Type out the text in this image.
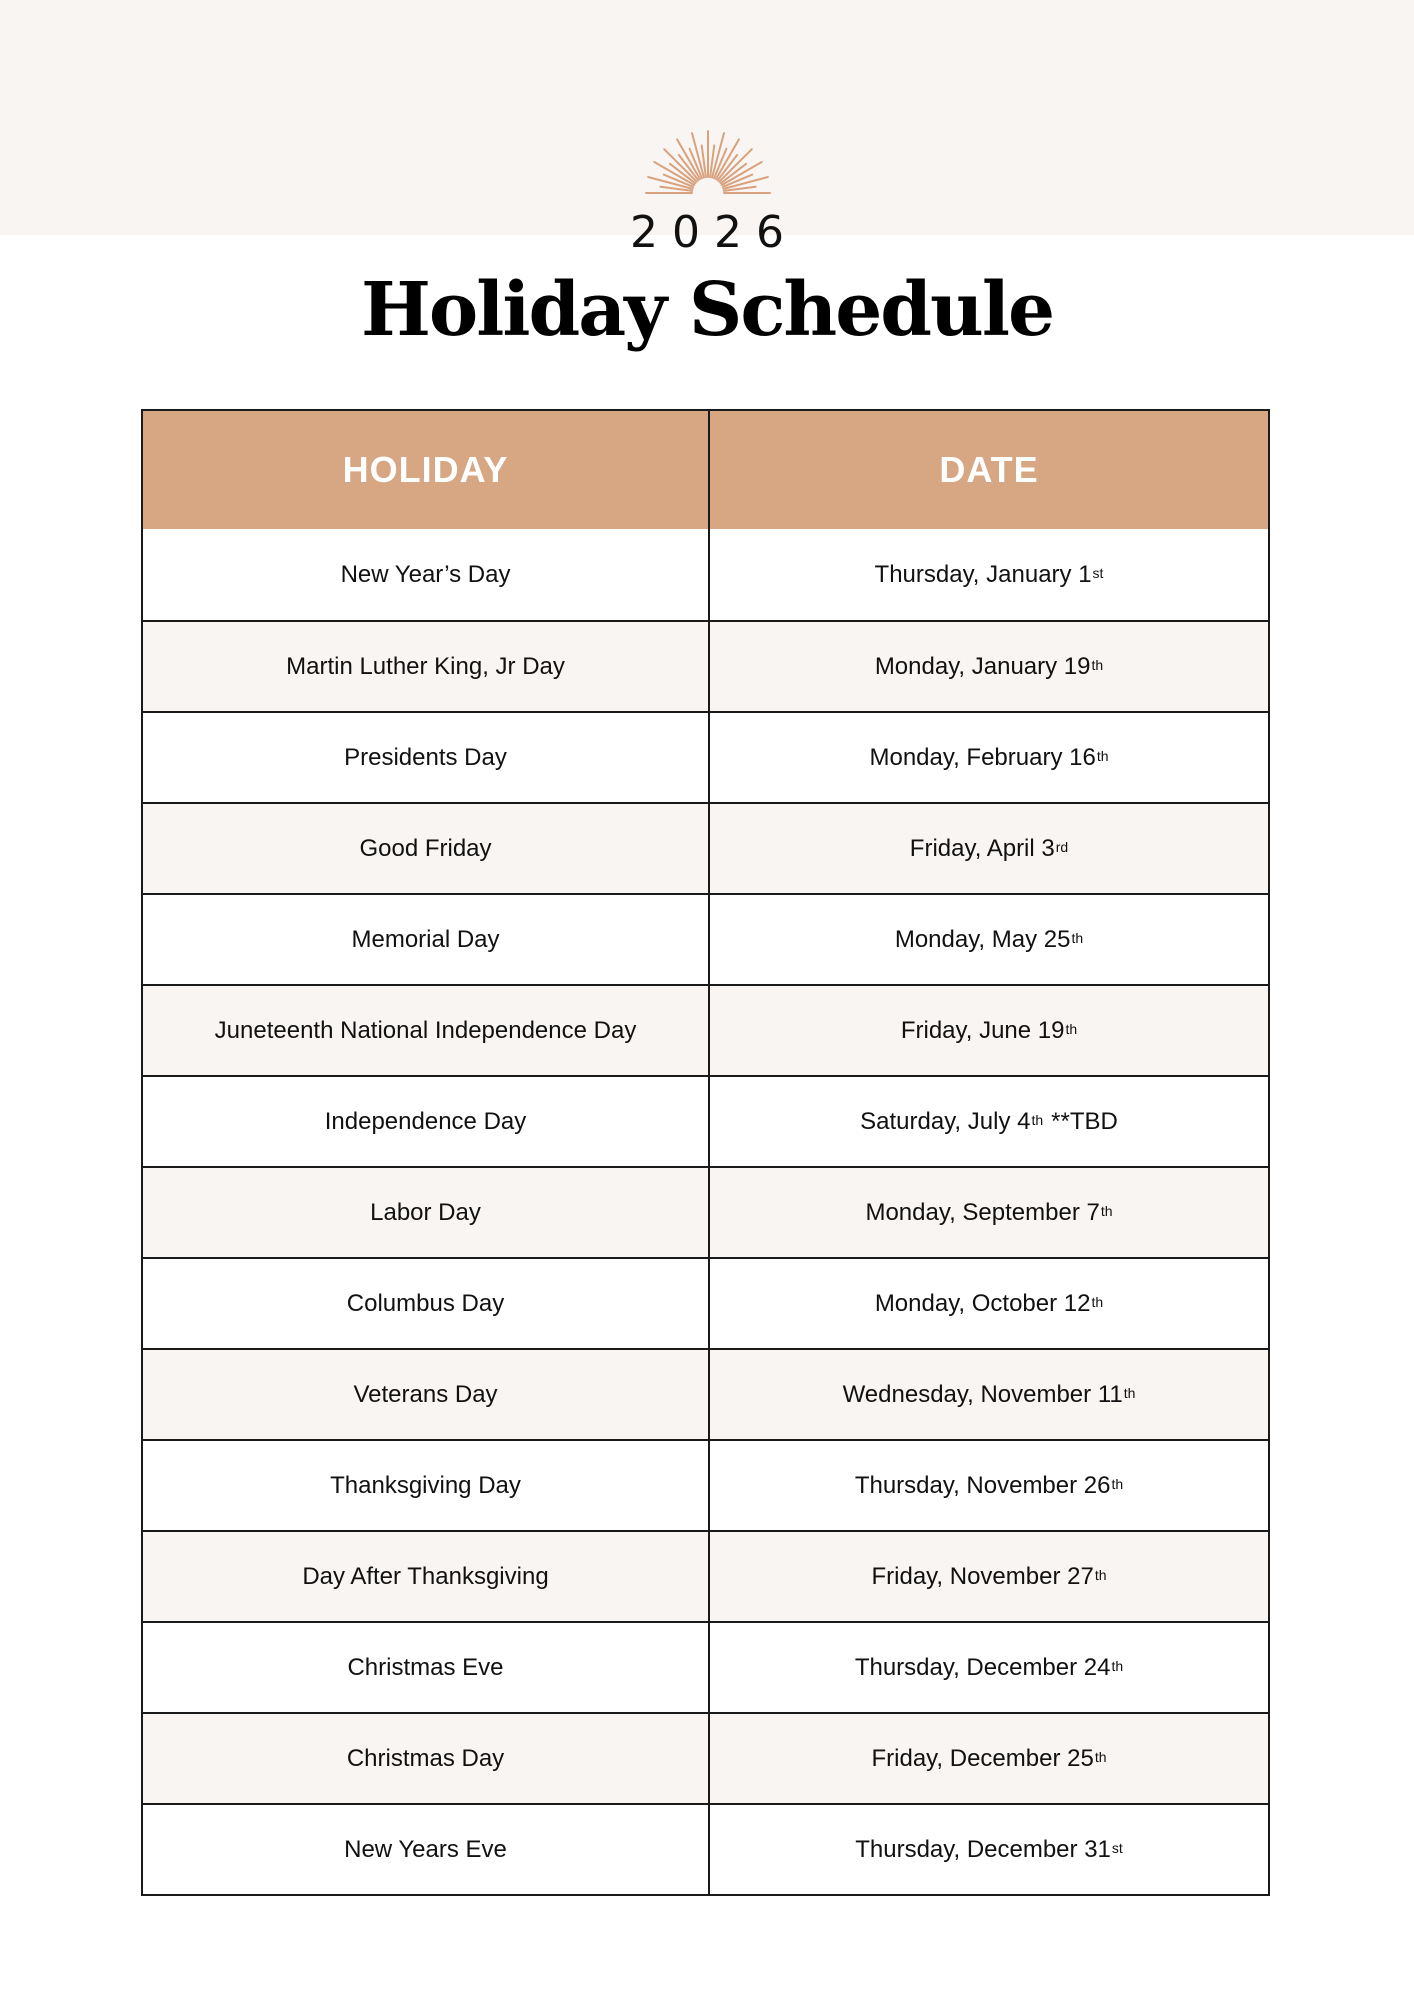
2026
Holiday Schedule
HOLIDAY	DATE
New Year’s Day	Thursday, January 1st
Martin Luther King, Jr Day	Monday, January 19th
Presidents Day	Monday, February 16th
Good Friday	Friday, April 3rd
Memorial Day	Monday, May 25th
Juneteenth National Independence Day	Friday, June 19th
Independence Day	Saturday, July 4th **TBD
Labor Day	Monday, September 7th
Columbus Day	Monday, October 12th
Veterans Day	Wednesday, November 11th
Thanksgiving Day	Thursday, November 26th
Day After Thanksgiving	Friday, November 27th
Christmas Eve	Thursday, December 24th
Christmas Day	Friday, December 25th
New Years Eve	Thursday, December 31st
